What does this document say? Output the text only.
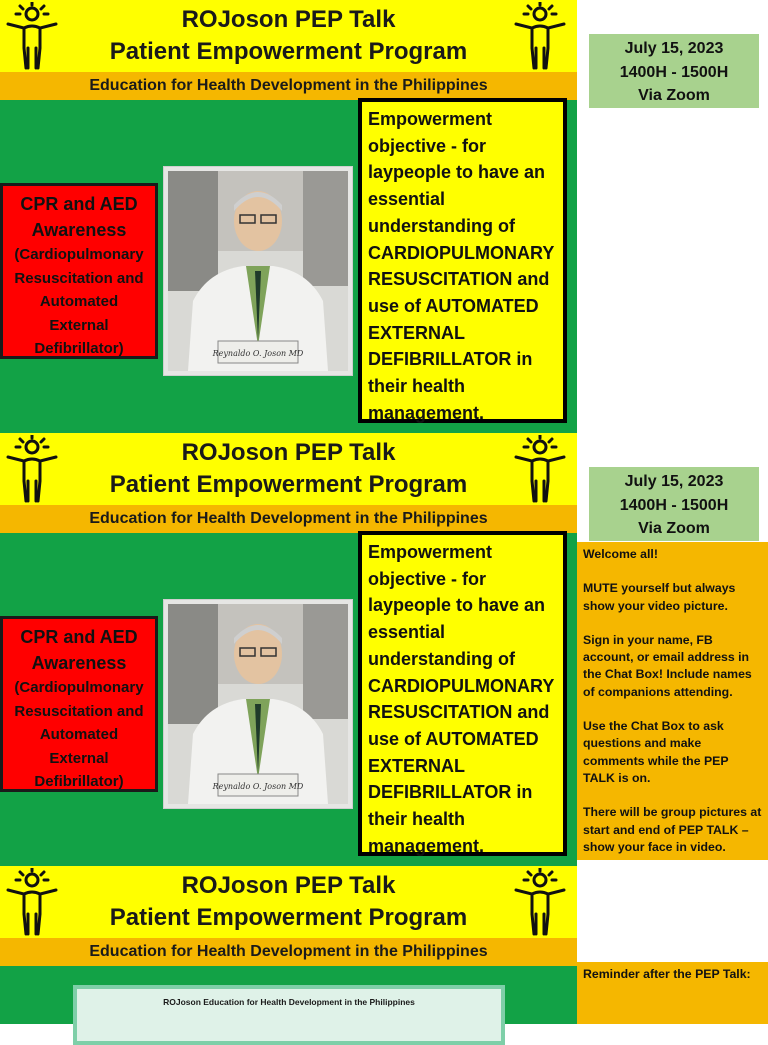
ROJoson PEP Talk
Patient Empowerment Program
Education for Health Development in the Philippines
CPR and AED
Awareness
(Cardiopulmonary
Resuscitation and
Automated
External
Defibrillator)	Reynaldo O. Joson MD
Empowerment
objective - for
laypeople to have an
essential
understanding of
CARDIOPULMONARY
RESUSCITATION and
use of AUTOMATED
EXTERNAL
DEFIBRILLATOR in
their health
management.
July 15, 2023
1400H - 1500H
Via Zoom
ROJoson PEP Talk
Patient Empowerment Program
Education for Health Development in the Philippines
CPR and AED
Awareness
(Cardiopulmonary
Resuscitation and
Automated
External
Defibrillator)	Reynaldo O. Joson MD
Empowerment
objective - for
laypeople to have an
essential
understanding of
CARDIOPULMONARY
RESUSCITATION and
use of AUTOMATED
EXTERNAL
DEFIBRILLATOR in
their health
management.
July 15, 2023
1400H - 1500H
Via Zoom

Welcome all!

MUTE yourself but always show your video picture.

Sign in your name, FB account, or email address in the Chat Box! Include names of companions attending.

Use the Chat Box to ask questions and make comments while the PEP TALK is on.

There will be group pictures at start and end of PEP TALK – show your face in video.

ROJoson PEP Talk
Patient Empowerment Program
Education for Health Development in the Philippines
ROJoson Education for Health Development in the Philippines
Reminder after the PEP Talk:
